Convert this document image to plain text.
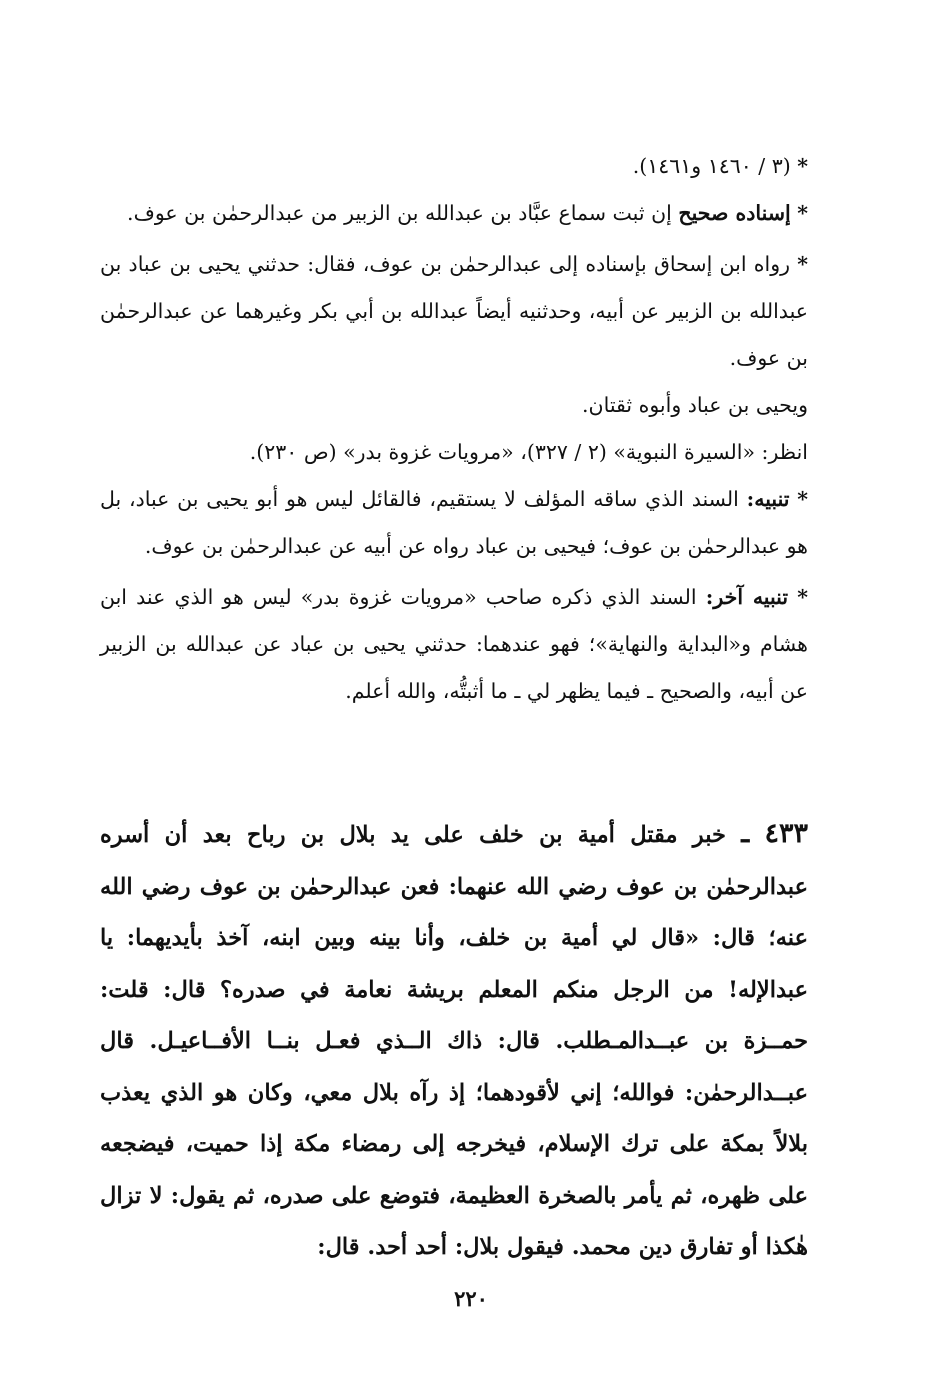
* (٣ / ١٤٦٠ و١٤٦١).

* إسناده صحيح إن ثبت سماع عبَّاد بن عبدالله بن الزبير من عبدالرحمٰن بن عوف.

* رواه ابن إسحاق بإسناده إلى عبدالرحمٰن بن عوف، فقال: حدثني يحيى بن عباد بن عبدالله بن الزبير عن أبيه، وحدثنيه أيضاً عبدالله بن أبي بكر وغيرهما عن عبدالرحمٰن بن عوف.

ويحيى بن عباد وأبوه ثقتان.

انظر: «السيرة النبوية» (٢ / ٣٢٧)، «مرويات غزوة بدر» (ص ٢٣٠).

* تنبيه: السند الذي ساقه المؤلف لا يستقيم، فالقائل ليس هو أبو يحيى بن عباد، بل هو عبدالرحمٰن بن عوف؛ فيحيى بن عباد رواه عن أبيه عن عبدالرحمٰن بن عوف.

* تنبيه آخر: السند الذي ذكره صاحب «مرويات غزوة بدر» ليس هو الذي عند ابن هشام و«البداية والنهاية»؛ فهو عندهما: حدثني يحيى بن عباد عن عبدالله بن الزبير عن أبيه، والصحيح ـ فيما يظهر لي ـ ما أثبتُّه، والله أعلم.

٤٣٣ ـ خبر مقتل أمية بن خلف على يد بلال بن رباح بعد أن أسره عبدالرحمٰن بن عوف رضي الله عنهما: فعن عبدالرحمٰن بن عوف رضي الله عنه؛ قال: «قال لي أمية بن خلف، وأنا بينه وبين ابنه، آخذ بأيديهما: يا عبدالإله! من الرجل منكم المعلم بريشة نعامة في صدره؟ قال: قلت: حمــزة بن عبــدالمـطلب. قال: ذاك الــذي فعـل بنــا الأفــاعيـل. قال عبــدالرحمٰن: فوالله؛ إني لأقودهما؛ إذ رآه بلال معي، وكان هو الذي يعذب بلالاً بمكة على ترك الإسلام، فيخرجه إلى رمضاء مكة إذا حميت، فيضجعه على ظهره، ثم يأمر بالصخرة العظيمة، فتوضع على صدره، ثم يقول: لا تزال هٰكذا أو تفارق دين محمد. فيقول بلال: أحد أحد. قال:

٢٢٠
